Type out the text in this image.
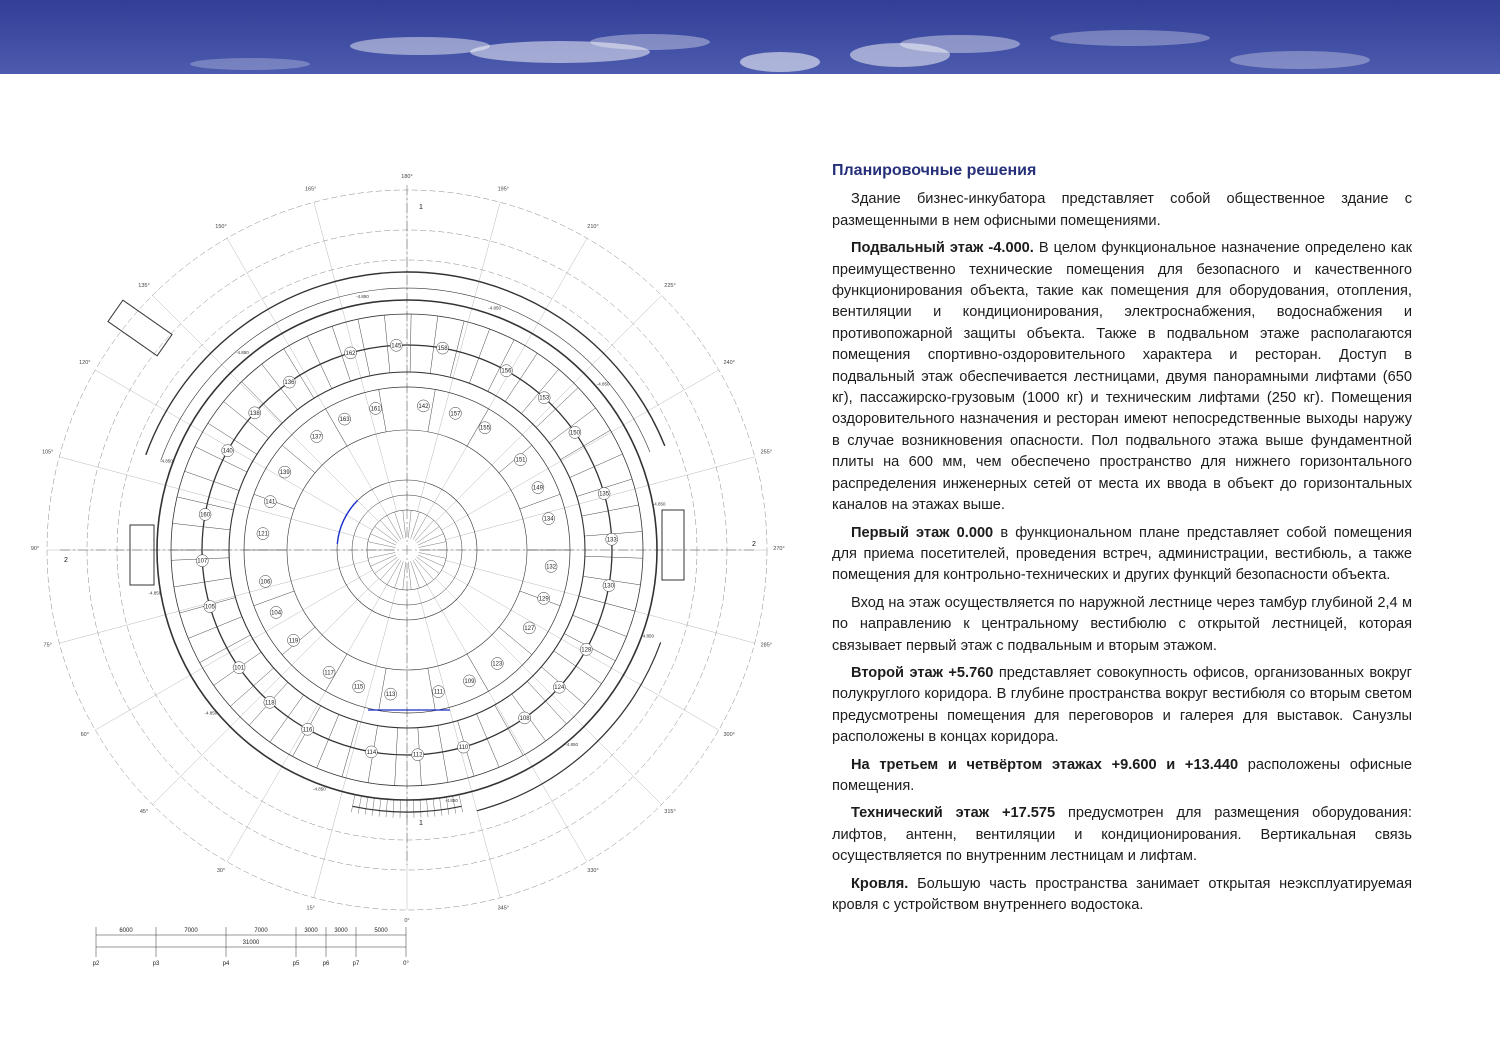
180°
195°
165°
210°
150°
225°
135°
240°
120°
255°
105°
270°
90°
285°
75°
300°
60°
315°
45°
330°
30°
345°
0°
15°
160
141
140
139
138
137
136
163
162
161
145
142
158
157
156
155
153
151
150
149
135
134
133
132
130
129
128
127
124
123
108
109
110
111
112
113
114
115
116
117
118
119
101
104
105
106
107
121
-4.850
-4.850
-4.850
-4.850
-4.850
-4.850
-4.850
-4.850
-4.850
-4.850
-4.850
-4.850
1
1
2
2
6000	7000	7000	3000	3000	5000
31000
p2	p3	p4	p5	p6	p7	0°
Планировочные решения

Здание бизнес-инкубатора представляет собой общественное здание с размещенными в нем офисными помещениями.

Подвальный этаж -4.000. В целом функциональное назначение определено как преимущественно технические помещения для безопасного и качественного функционирования объекта, такие как помещения для оборудования, отопления, вентиляции и кондиционирования, электроснабжения, водоснабжения и противопожарной защиты объекта. Также в подвальном этаже располагаются помещения спортивно-оздоровительного характера и ресторан. Доступ в подвальный этаж обеспечивается лестницами, двумя панорамными лифтами (650 кг), пассажирско-грузовым (1000 кг) и техническим лифтами (250 кг). Помещения оздоровительного назначения и ресторан имеют непосредственные выходы наружу в случае возникновения опасности. Пол подвального этажа выше фундаментной плиты на 600 мм, чем обеспечено пространство для нижнего горизонтального распределения инженерных сетей от места их ввода в объект до горизонтальных каналов на этажах выше.

Первый этаж 0.000 в функциональном плане представляет собой помещения для приема посетителей, проведения встреч, администрации, вестибюль, а также помещения для контрольно-технических и других функций безопасности объекта.

Вход на этаж осуществляется по наружной лестнице через тамбур глубиной 2,4 м по направлению к центральному вестибюлю с открытой лестницей, которая связывает первый этаж с подвальным и вторым этажом.

Второй этаж +5.760 представляет совокупность офисов, организованных вокруг полукруглого коридора. В глубине пространства вокруг вестибюля со вторым светом предусмотрены помещения для переговоров и галерея для выставок. Санузлы расположены в концах коридора.

На третьем и четвёртом этажах +9.600 и +13.440 расположены офисные помещения.

Технический этаж +17.575 предусмотрен для размещения оборудования: лифтов, антенн, вентиляции и кондиционирования. Вертикальная связь осуществляется по внутренним лестницам и лифтам.

Кровля. Большую часть пространства занимает открытая неэксплуатируемая кровля с устройством внутреннего водостока.
